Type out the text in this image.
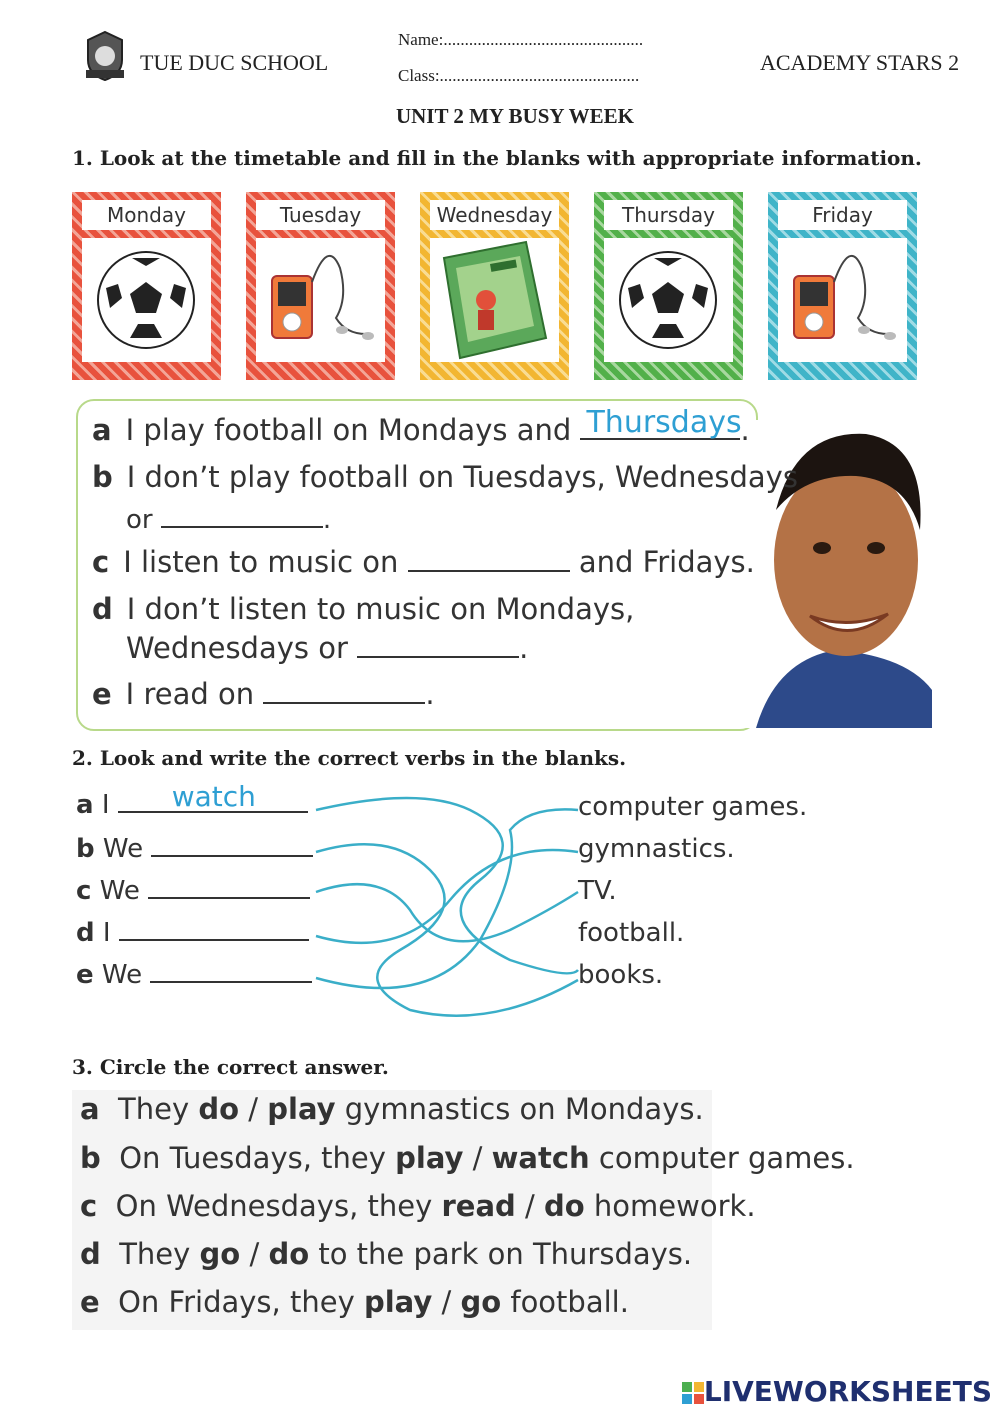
TUE DUC SCHOOL
Name:...............................................
Class:...............................................
ACADEMY STARS 2
UNIT 2 MY BUSY WEEK
1. Look at the timetable and fill in the blanks with appropriate information.
Monday	Tuesday	Wednesday	Thursday	Friday
a I play football on Mondays and Thursdays
.
b I don’t play football on Tuesdays, Wednesdays
or	.
c I listen to music on	and Fridays.
d I don’t listen to music on Mondays,
Wednesdays or	.
e I read on	.
2. Look and write the correct verbs in the blanks.
a I watch
b We
c We
d I
e We
computer games.
gymnastics.
TV.
football.
books.
3. Circle the correct answer.
a They do / play gymnastics on Mondays.
b On Tuesdays, they play / watch computer games.
c On Wednesdays, they read / do homework.
d They go / do to the park on Thursdays.
e On Fridays, they play / go football.
LIVEWORKSHEETS
